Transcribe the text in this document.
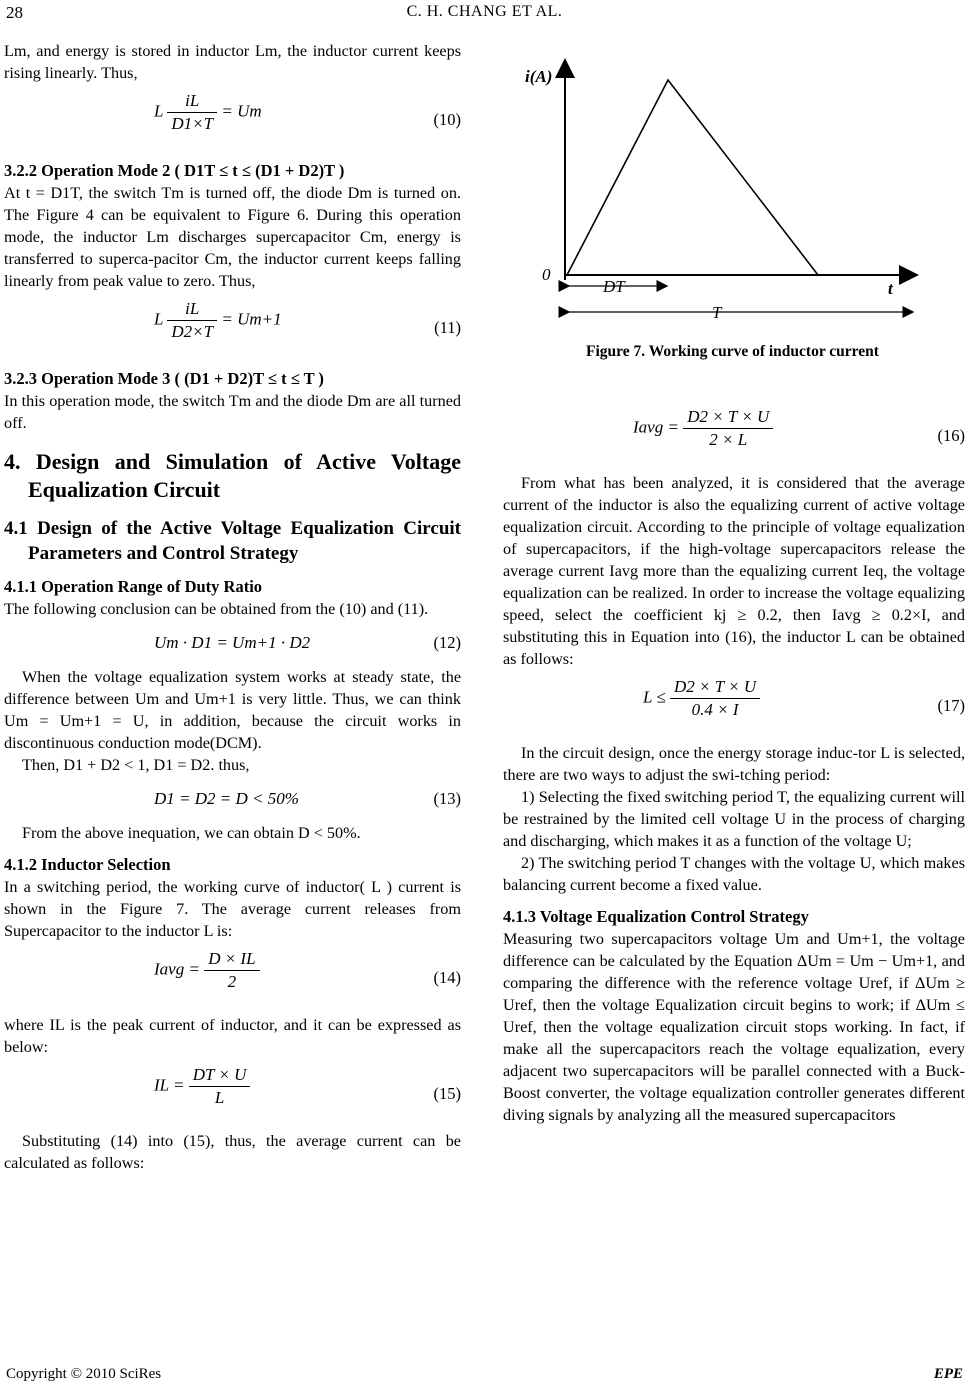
28	C. H. CHANG ET AL.

Lm, and energy is stored in inductor Lm, the inductor current keeps rising linearly. Thus,

L $\frac{iL}{D1\times T} = Um$	(10)

3.2.2 Operation Mode 2 ( D1T ≤ t ≤ (D1 + D2)T )

At t = D1T, the switch Tm is turned off, the diode Dm is turned on. The Figure 4 can be equivalent to Figure 6. During this operation mode, the inductor Lm discharges supercapacitor Cm, energy is transferred to superca-pacitor Cm, the inductor current keeps falling linearly from peak value to zero. Thus,

L $\frac{iL}{D2\times T} = Um+1$	(11)

3.2.3 Operation Mode 3 ( (D1 + D2)T ≤ t ≤ T )

In this operation mode, the switch Tm and the diode Dm are all turned off.

4. Design and Simulation of Active Voltage Equalization Circuit

4.1 Design of the Active Voltage Equalization Circuit Parameters and Control Strategy

4.1.1 Operation Range of Duty Ratio

The following conclusion can be obtained from the (10) and (11).

Um · D1 = Um+1 · D2	(12)

When the voltage equalization system works at steady state, the difference between Um and Um+1 is very little. Thus, we can think Um = Um+1 = U, in addition, because the circuit works in discontinuous conduction mode(DCM).

Then, D1 + D2 < 1, D1 = D2. thus,

D1 = D2 = D < 50%	(13)

From the above inequation, we can obtain D < 50%.

4.1.2 Inductor Selection

In a switching period, the working curve of inductor( L ) current is shown in the Figure 7. The average current releases from Supercapacitor to the inductor L is:

Iavg = $\frac{D \times IL}{2}$	(14)

where IL is the peak current of inductor, and it can be expressed as below:

IL = $\frac{DT \times U}{L}$	(15)

Substituting (14) into (15), thus, the average current can be calculated as follows:

i(A)
0
t
DT
T
Figure 7. Working curve of inductor current
Iavg = $\frac{D2 \times T \times U}{2 \times L}$	(16)

From what has been analyzed, it is considered that the average current of the inductor is also the equalizing current of active voltage equalization circuit. According to the principle of voltage equalization of supercapacitors, if the high-voltage supercapacitors release the average current Iavg more than the equalizing current Ieq, the voltage equalization can be realized. In order to increase the voltage equalizing speed, select the coefficient kj ≥ 0.2, then Iavg ≥ 0.2×I, and substituting this in Equation into (16), the inductor L can be obtained as follows:

$L \le \frac{D2 \times T \times U}{0.4 \times I}$	(17)

In the circuit design, once the energy storage induc-tor L is selected, there are two ways to adjust the swi-tching period:

1) Selecting the fixed switching period T, the equalizing current will be restrained by the limited cell voltage U in the process of charging and discharging, which makes it as a function of the voltage U;

2) The switching period T changes with the voltage U, which makes balancing current become a fixed value.

4.1.3 Voltage Equalization Control Strategy

Measuring two supercapacitors voltage Um and Um+1, the voltage difference can be calculated by the Equation ΔUm = Um − Um+1, and comparing the difference with the reference voltage Uref, if ΔUm ≥ Uref, then the voltage Equalization circuit begins to work; if ΔUm ≤ Uref, then the voltage equalization circuit stops working. In fact, if make all the supercapacitors reach the voltage equalization, every adjacent two supercapacitors will be parallel connected with a Buck-Boost converter, the voltage equalization controller generates different diving signals by analyzing all the measured supercapacitors

Copyright © 2010 SciRes	EPE
